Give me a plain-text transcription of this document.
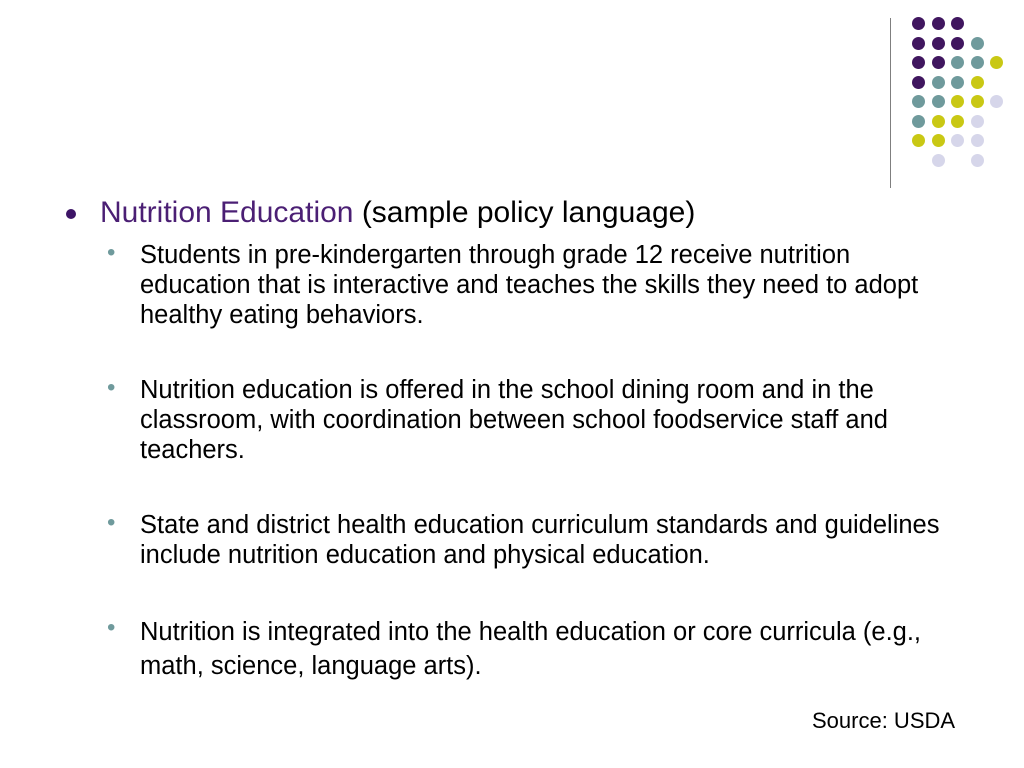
Nutrition Education (sample policy language)
• Students in pre-kindergarten through grade 12 receive nutrition education that is interactive and teaches the skills they need to adopt healthy eating behaviors.
• Nutrition education is offered in the school dining room and in the classroom, with coordination between school foodservice staff and teachers.
• State and district health education curriculum standards and guidelines include nutrition education and physical education.
• Nutrition is integrated into the health education or core curricula (e.g., math, science, language arts).
Source: USDA
